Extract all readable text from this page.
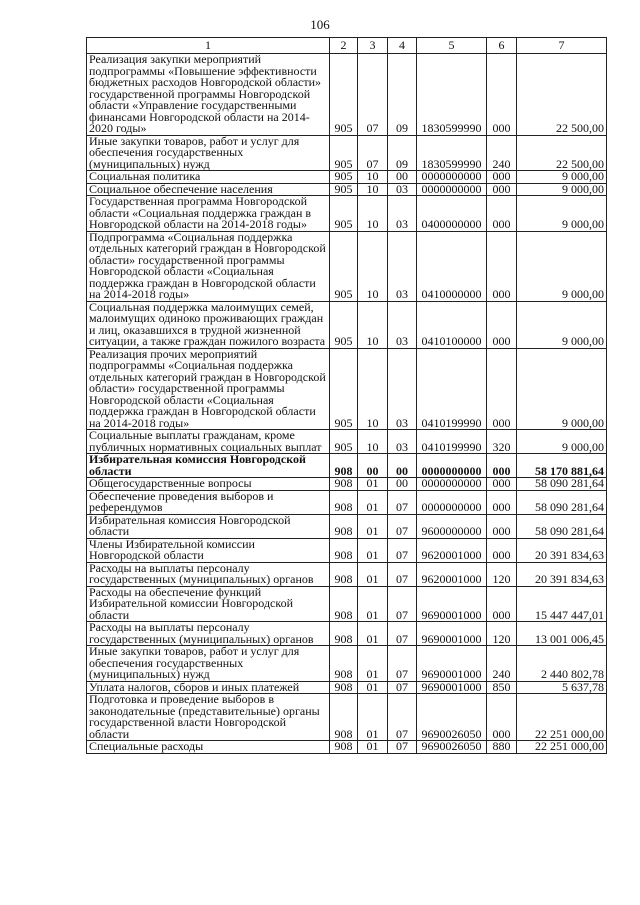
106
1	2	3	4	5	6	7
Реализация закупки мероприятий подпрограммы «Повышение эффективности бюджетных расходов Новгородской области» государственной программы Новгородской области «Управление государственными финансами Новгородской области на 2014-2020 годы»	905	07	09	1830599990	000	22 500,00
Иные закупки товаров, работ и услуг для обеспечения государственных (муниципальных) нужд	905	07	09	1830599990	240	22 500,00
Социальная политика	905	10	00	0000000000	000	9 000,00
Социальное обеспечение населения	905	10	03	0000000000	000	9 000,00
Государственная программа Новгородской области «Социальная поддержка граждан в Новгородской области на 2014-2018 годы»	905	10	03	0400000000	000	9 000,00
Подпрограмма «Социальная поддержка отдельных категорий граждан в Новгородской области» государственной программы Новгородской области «Социальная поддержка граждан в Новгородской области на 2014-2018 годы»	905	10	03	0410000000	000	9 000,00
Социальная поддержка малоимущих семей, малоимущих одиноко проживающих граждан и лиц, оказавшихся в трудной жизненной ситуации, а также граждан пожилого возраста	905	10	03	0410100000	000	9 000,00
Реализация прочих мероприятий подпрограммы «Социальная поддержка отдельных категорий граждан в Новгородской области» государственной программы Новгородской области «Социальная поддержка граждан в Новгородской области на 2014-2018 годы»	905	10	03	0410199990	000	9 000,00
Социальные выплаты гражданам, кроме публичных нормативных социальных выплат	905	10	03	0410199990	320	9 000,00
Избирательная комиссия Новгородской области	908	00	00	0000000000	000	58 170 881,64
Общегосударственные вопросы	908	01	00	0000000000	000	58 090 281,64
Обеспечение проведения выборов и референдумов	908	01	07	0000000000	000	58 090 281,64
Избирательная комиссия Новгородской области	908	01	07	9600000000	000	58 090 281,64
Члены Избирательной комиссии Новгородской области	908	01	07	9620001000	000	20 391 834,63
Расходы на выплаты персоналу государственных (муниципальных) органов	908	01	07	9620001000	120	20 391 834,63
Расходы на обеспечение функций Избирательной комиссии Новгородской области	908	01	07	9690001000	000	15 447 447,01
Расходы на выплаты персоналу государственных (муниципальных) органов	908	01	07	9690001000	120	13 001 006,45
Иные закупки товаров, работ и услуг для обеспечения государственных (муниципальных) нужд	908	01	07	9690001000	240	2 440 802,78
Уплата налогов, сборов и иных платежей	908	01	07	9690001000	850	5 637,78
Подготовка и проведение выборов в законодательные (представительные) органы государственной власти Новгородской области	908	01	07	9690026050	000	22 251 000,00
Специальные расходы	908	01	07	9690026050	880	22 251 000,00
